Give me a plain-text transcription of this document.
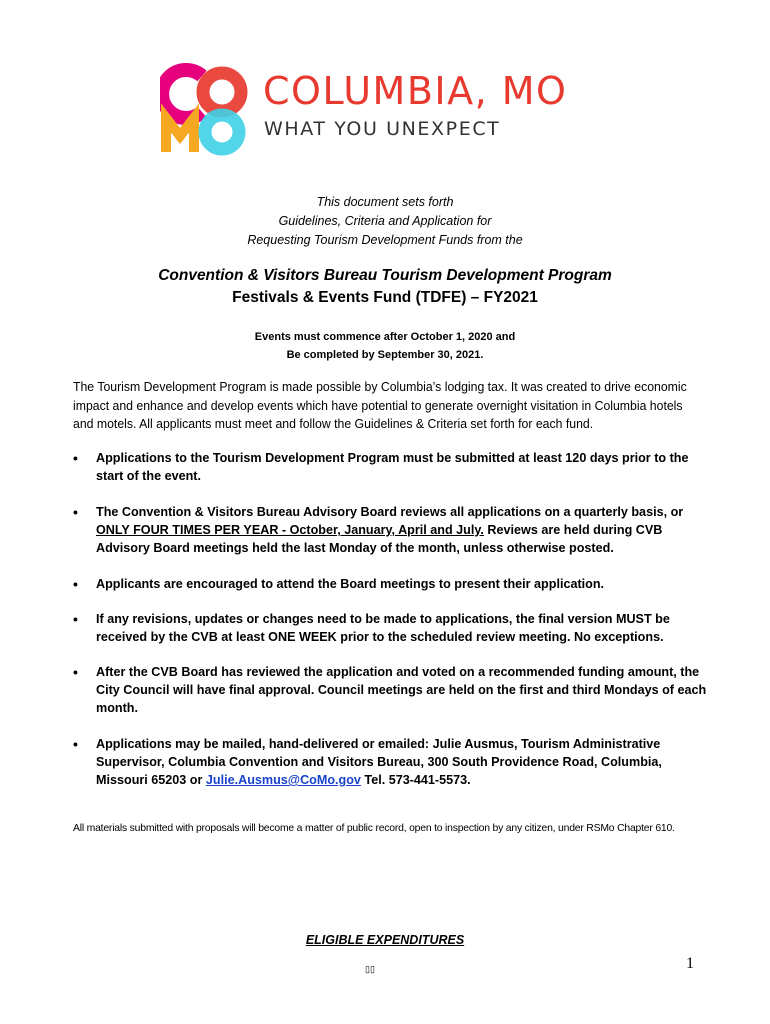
COLUMBIA, MO
WHAT YOU UNEXPECT
This document sets forth
Guidelines, Criteria and Application for
Requesting Tourism Development Funds from the
Convention & Visitors Bureau Tourism Development Program
Festivals & Events Fund (TDFE) – FY2021
Events must commence after October 1, 2020 and
Be completed by September 30, 2021.
The Tourism Development Program is made possible by Columbia’s lodging tax. It was created to drive economic impact and enhance and develop events which have potential to generate overnight visitation in Columbia hotels and motels. All applicants must meet and follow the Guidelines & Criteria set forth for each fund.
• Applications to the Tourism Development Program must be submitted at least 120 days prior to the start of the event.
• The Convention & Visitors Bureau Advisory Board reviews all applications on a quarterly basis, or ONLY FOUR TIMES PER YEAR - October, January, April and July. Reviews are held during CVB Advisory Board meetings held the last Monday of the month, unless otherwise posted.
• Applicants are encouraged to attend the Board meetings to present their application.
• If any revisions, updates or changes need to be made to applications, the final version MUST be received by the CVB at least ONE WEEK prior to the scheduled review meeting. No exceptions.
• After the CVB Board has reviewed the application and voted on a recommended funding amount, the City Council will have final approval. Council meetings are held on the first and third Mondays of each month.
• Applications may be mailed, hand-delivered or emailed: Julie Ausmus, Tourism Administrative Supervisor, Columbia Convention and Visitors Bureau, 300 South Providence Road, Columbia, Missouri 65203 or Julie.Ausmus@CoMo.gov Tel. 573-441-5573.
All materials submitted with proposals will become a matter of public record, open to inspection by any citizen, under RSMo Chapter 610.
ELIGIBLE EXPENDITURES
▯▯	1
